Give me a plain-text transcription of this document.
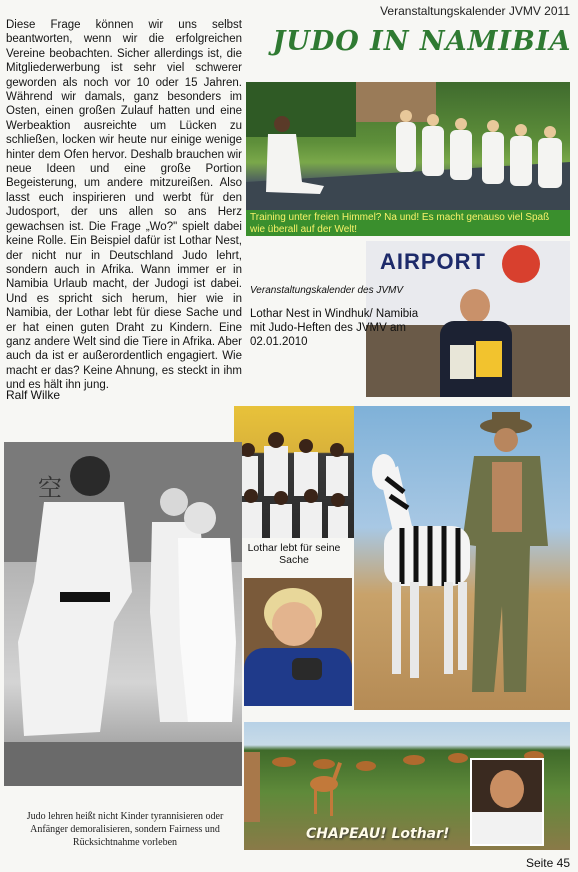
Veranstaltungskalender JVMV 2011
JUDO IN NAMIBIA
Diese Frage können wir uns selbst beantworten, wenn wir die erfolgreichen Vereine beobachten. Sicher allerdings ist, die Mitgliederwerbung ist sehr viel schwerer geworden als noch vor 10 oder 15 Jahren. Während wir damals, ganz besonders im Osten, einen großen Zulauf hatten und eine Werbeaktion ausreichte um Lücken zu schließen, locken wir heute nur einige wenige hinter dem Ofen hervor. Deshalb brauchen wir neue Ideen und eine große Portion Begeisterung, um andere mitzureißen. Also lasst euch inspirieren und werbt für den Judosport, der uns allen so ans Herz gewachsen ist. Die Frage „Wo?" spielt dabei keine Rolle. Ein Beispiel dafür ist Lothar Nest, der nicht nur in Deutschland Judo lehrt, sondern auch in Afrika. Wann immer er in Namibia Urlaub macht, der Judogi ist dabei. Und es spricht sich herum, hier wie in Namibia, der Lothar lebt für diese Sache und er hat einen guten Draht zu Kindern. Eine ganz andere Welt sind die Tiere in Afrika. Aber auch da ist er außerordentlich engagiert. Wie macht er das? Keine Ahnung, es steckt in ihm und es hält ihn jung.
Ralf Wilke
Training unter freien Himmel? Na und! Es macht genauso viel Spaß wie überall auf der Welt!
AIRPORT
Veranstaltungskalender des JVMV
Lothar Nest in Windhuk/ Namibia mit Judo-Heften des JVMV am 02.01.2010
Lothar lebt für seine Sache
空
Judo lehren heißt nicht Kinder tyrannisieren oder Anfänger demoralisieren, sondern Fairness und Rücksichtnahme vorleben
CHAPEAU! Lothar!
Seite 45
